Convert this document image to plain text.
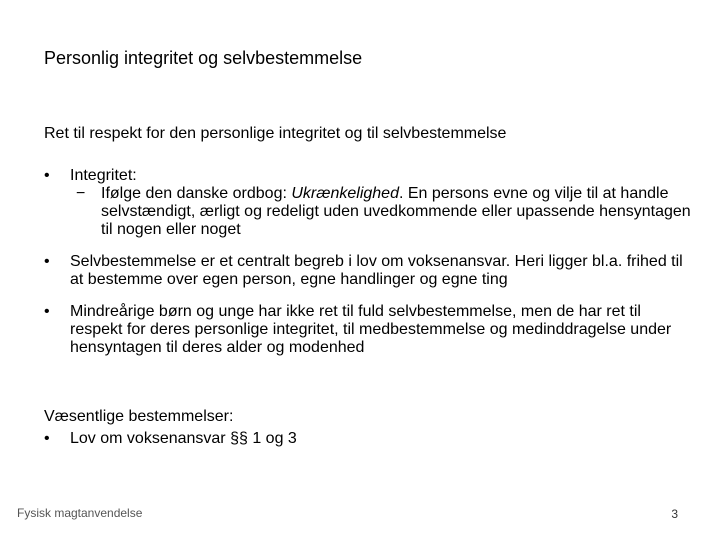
Personlig integritet og selvbestemmelse
Ret til respekt for den personlige integritet og til selvbestemmelse
•	Integritet:
− Ifølge den danske ordbog: Ukrænkelighed. En persons evne og vilje til at handle selvstændigt, ærligt og redeligt uden uvedkommende eller upassende hensyntagen til nogen eller noget
•	Selvbestemmelse er et centralt begreb i lov om voksenansvar. Heri ligger bl.a. frihed til at bestemme over egen person, egne handlinger og egne ting
•	Mindreårige børn og unge har ikke ret til fuld selvbestemmelse, men de har ret til respekt for deres personlige integritet, til medbestemmelse og medinddragelse under hensyntagen til deres alder og modenhed
Væsentlige bestemmelser:
•	Lov om voksenansvar §§ 1 og 3
Fysisk magtanvendelse	3
